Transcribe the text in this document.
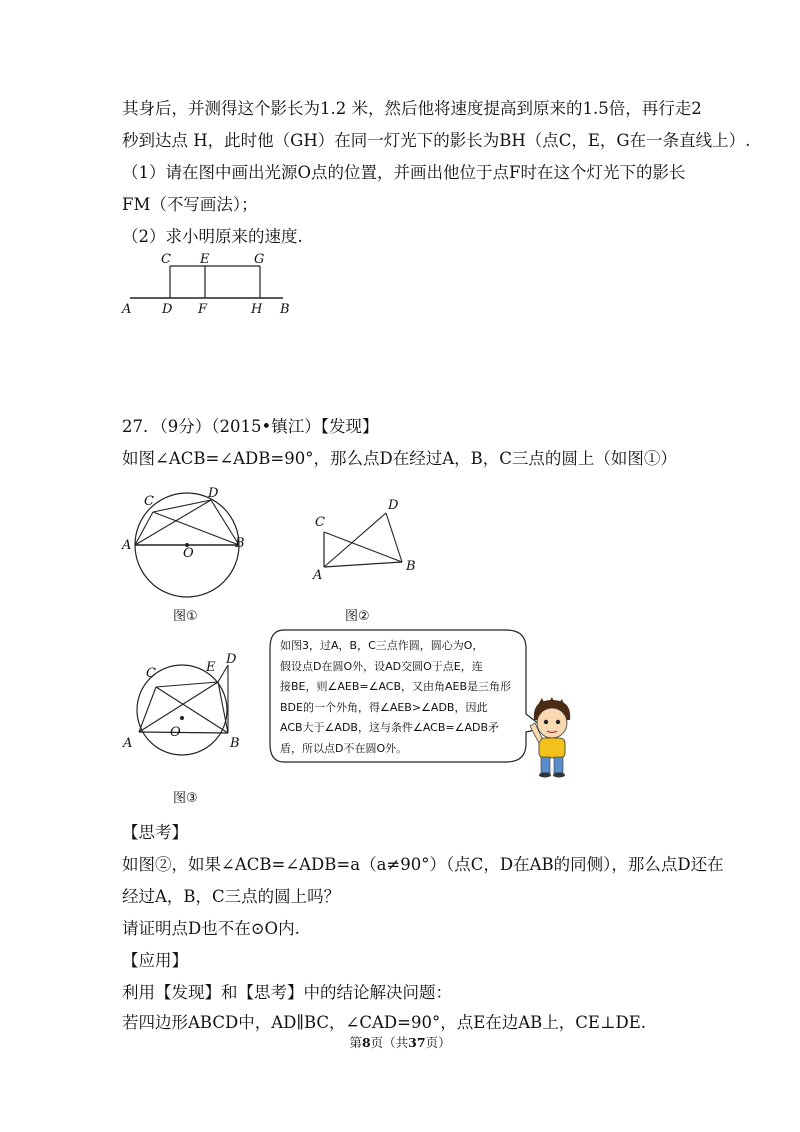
其身后，并测得这个影长为1.2 米，然后他将速度提高到原来的1.5倍，再行走2
秒到达点 H，此时他（GH）在同一灯光下的影长为BH（点C，E，G在一条直线上）.
（1）请在图中画出光源O点的位置，并画出他位于点F时在这个灯光下的影长
FM（不写画法）；
（2）求小明原来的速度.
C E	G
A D F	H B
27．（9分）（2015•镇江）【发现】
如图∠ACB=∠ADB=90°，那么点D在经过A，B，C三点的圆上（如图①）
C
D
A	B
O
图①
C
D
A
B
图②
C	E
D
A	B
O
图③
如图3，过A，B，C三点作圆，圆心为O，
假设点D在圆O外，设AD交圆O于点E，连
接BE，则∠AEB=∠ACB，又由角AEB是三角形
BDE的一个外角，得∠AEB>∠ADB，因此
ACB大于∠ADB，这与条件∠ACB=∠ADB矛
盾，所以点D不在圆O外。
【思考】
如图②，如果∠ACB=∠ADB=a（a≠90°）（点C，D在AB的同侧），那么点D还在
经过A，B，C三点的圆上吗？
请证明点D也不在⊙O内.
【应用】
利用【发现】和【思考】中的结论解决问题：
若四边形ABCD中，AD∥BC，∠CAD=90°，点E在边AB上，CE⊥DE.
第8页（共37页）
